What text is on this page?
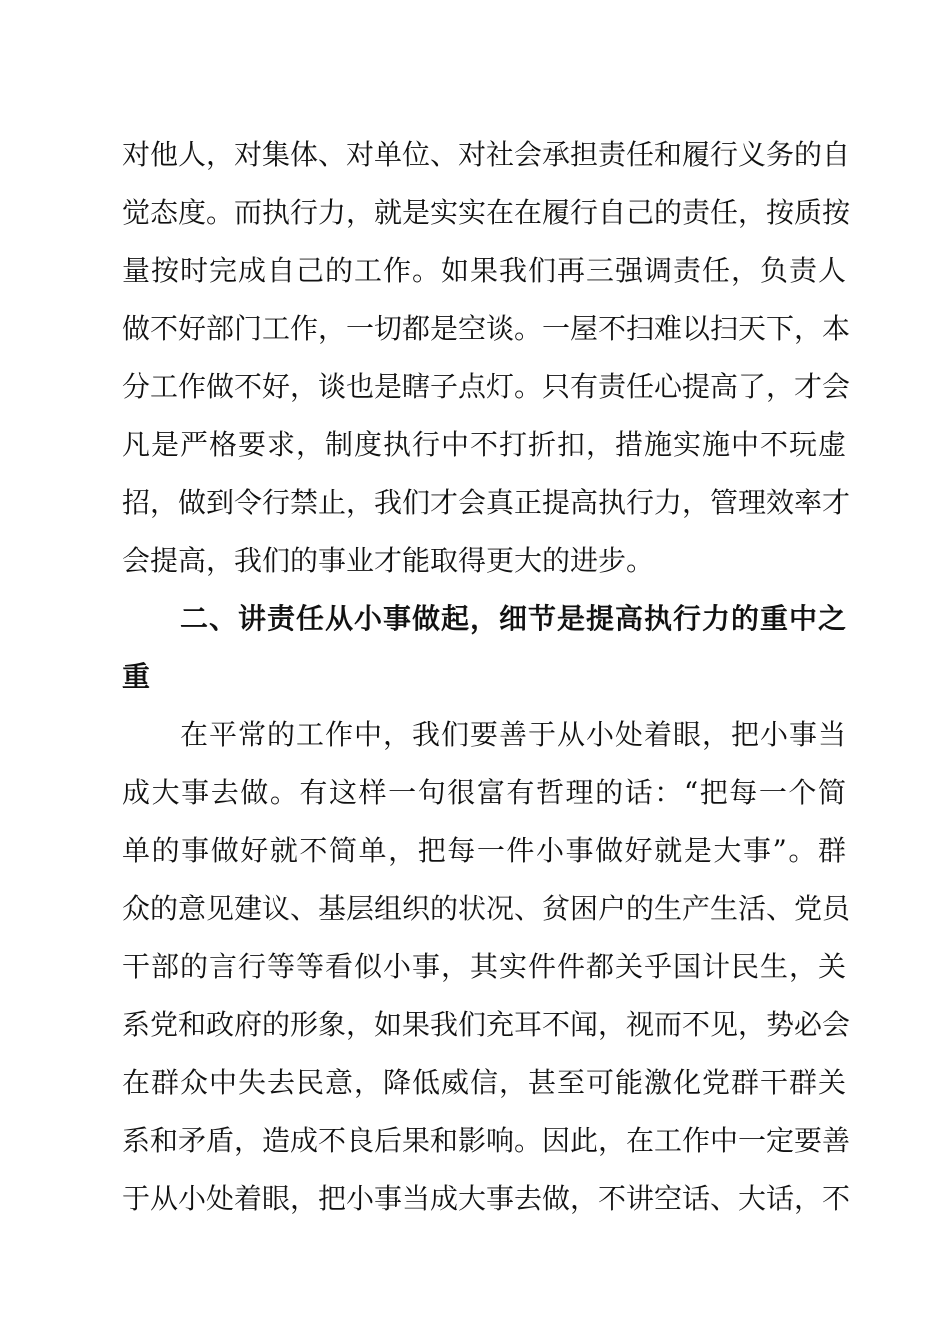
对他人，对集体、对单位、对社会承担责任和履行义务的自
觉态度。而执行力，就是实实在在履行自己的责任，按质按
量按时完成自己的工作。如果我们再三强调责任，负责人
做不好部门工作，一切都是空谈。一屋不扫难以扫天下，本
分工作做不好，谈也是瞎子点灯。只有责任心提高了，才会
凡是严格要求，制度执行中不打折扣，措施实施中不玩虚
招，做到令行禁止，我们才会真正提高执行力，管理效率才
会提高，我们的事业才能取得更大的进步。
二、讲责任从小事做起，细节是提高执行力的重中之
重
在平常的工作中，我们要善于从小处着眼，把小事当
成大事去做。有这样一句很富有哲理的话：“把每一个简
单的事做好就不简单，把每一件小事做好就是大事”。群
众的意见建议、基层组织的状况、贫困户的生产生活、党员
干部的言行等等看似小事，其实件件都关乎国计民生，关
系党和政府的形象，如果我们充耳不闻，视而不见，势必会
在群众中失去民意，降低威信，甚至可能激化党群干群关
系和矛盾，造成不良后果和影响。因此，在工作中一定要善
于从小处着眼，把小事当成大事去做，不讲空话、大话，不
